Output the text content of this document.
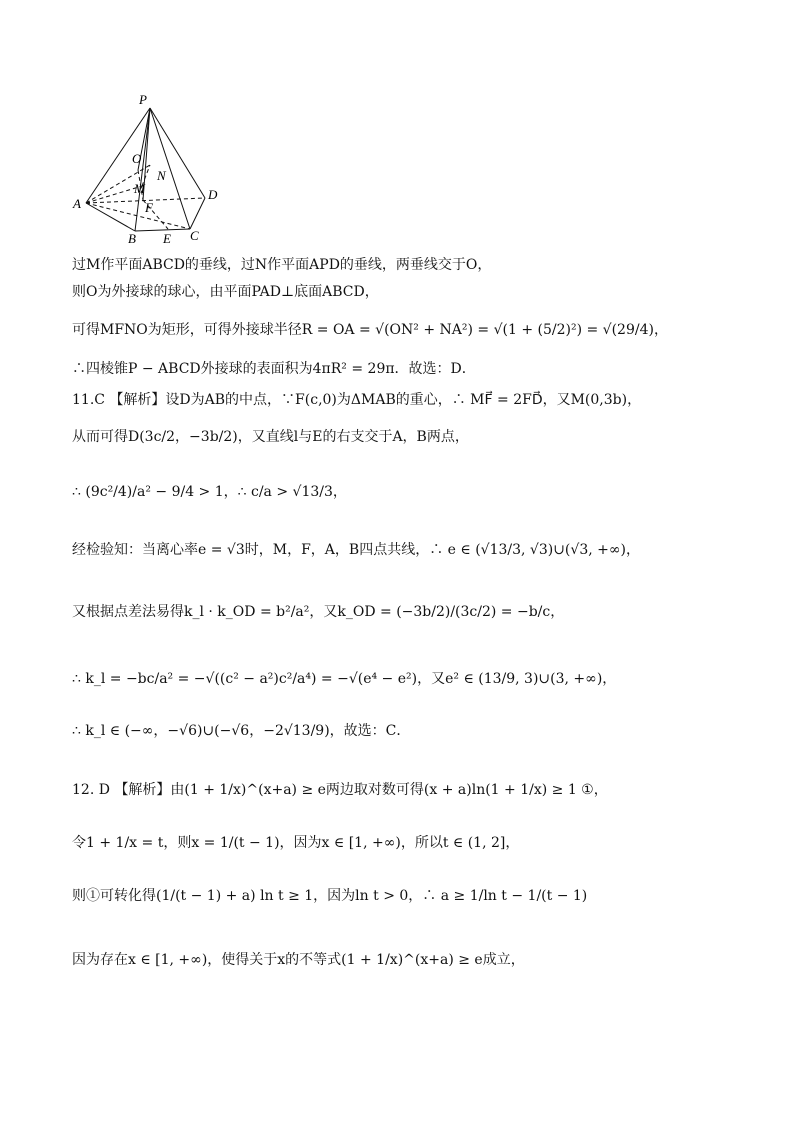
P
O
N
M
F
A
D
B E C
过M作平面ABCD的垂线，过N作平面APD的垂线，两垂线交于O，
则O为外接球的球心，由平面PAD⊥底面ABCD，
可得MFNO为矩形，可得外接球半径R = OA = √(ON² + NA²) = √(1 + (5/2)²) = √(29/4)，
∴四棱锥P − ABCD外接球的表面积为4πR² = 29π．故选：D．
11.C 【解析】设D为AB的中点，∵F(c,0)为ΔMAB的重心，∴ MF⃗ = 2FD⃗，又M(0,3b)，
从而可得D(3c/2，−3b/2)，又直线l与E的右支交于A，B两点，
∴ (9c²/4)/a² − 9/4 > 1，∴ c/a > √13/3，
经检验知：当离心率e = √3时，M，F，A，B四点共线，∴ e ∈ (√13/3, √3)∪(√3, +∞)，
又根据点差法易得k_l · k_OD = b²/a²，又k_OD = (−3b/2)/(3c/2) = −b/c，
∴ k_l = −bc/a² = −√((c² − a²)c²/a⁴) = −√(e⁴ − e²)，又e² ∈ (13/9, 3)∪(3, +∞)，
∴ k_l ∈ (−∞，−√6)∪(−√6，−2√13/9)，故选：C．
12. D 【解析】由(1 + 1/x)^(x+a) ≥ e两边取对数可得(x + a)ln(1 + 1/x) ≥ 1 ①，
令1 + 1/x = t，则x = 1/(t − 1)，因为x ∈ [1, +∞)，所以t ∈ (1, 2]，
则①可转化得(1/(t − 1) + a) ln t ≥ 1，因为ln t > 0，∴ a ≥ 1/ln t − 1/(t − 1)
因为存在x ∈ [1, +∞)，使得关于x的不等式(1 + 1/x)^(x+a) ≥ e成立，
